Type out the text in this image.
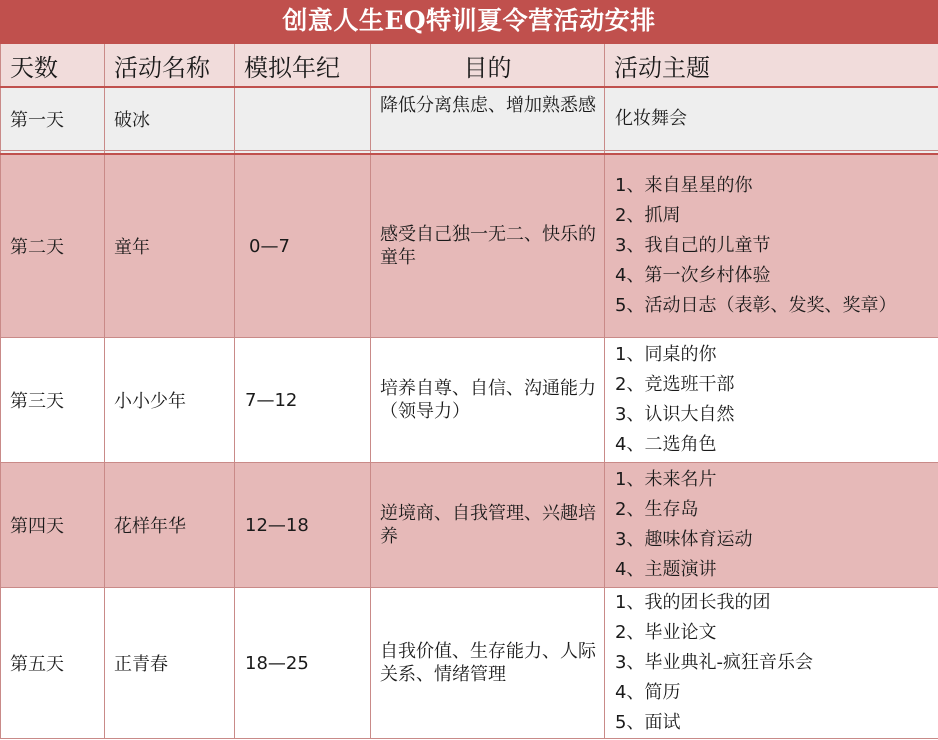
创意人生EQ特训夏令营活动安排
天数	活动名称	模拟年纪	目的	活动主题
第一天	破冰		降低分离焦虑、增加熟悉感	化妆舞会

第二天	童年	0—7	感受自己独一无二、快乐的童年	1、来自星星的你
2、抓周
3、我自己的儿童节
4、第一次乡村体验
5、活动日志（表彰、发奖、奖章）

第三天	小小少年	7—12	培养自尊、自信、沟通能力（领导力）	1、同桌的你
2、竞选班干部
3、认识大自然
4、二选角色

第四天	花样年华	12—18	逆境商、自我管理、兴趣培养	1、未来名片
2、生存岛
3、趣味体育运动
4、主题演讲

第五天	正青春	18—25	自我价值、生存能力、人际关系、情绪管理	1、我的团长我的团
2、毕业论文
3、毕业典礼-疯狂音乐会
4、简历
5、面试
